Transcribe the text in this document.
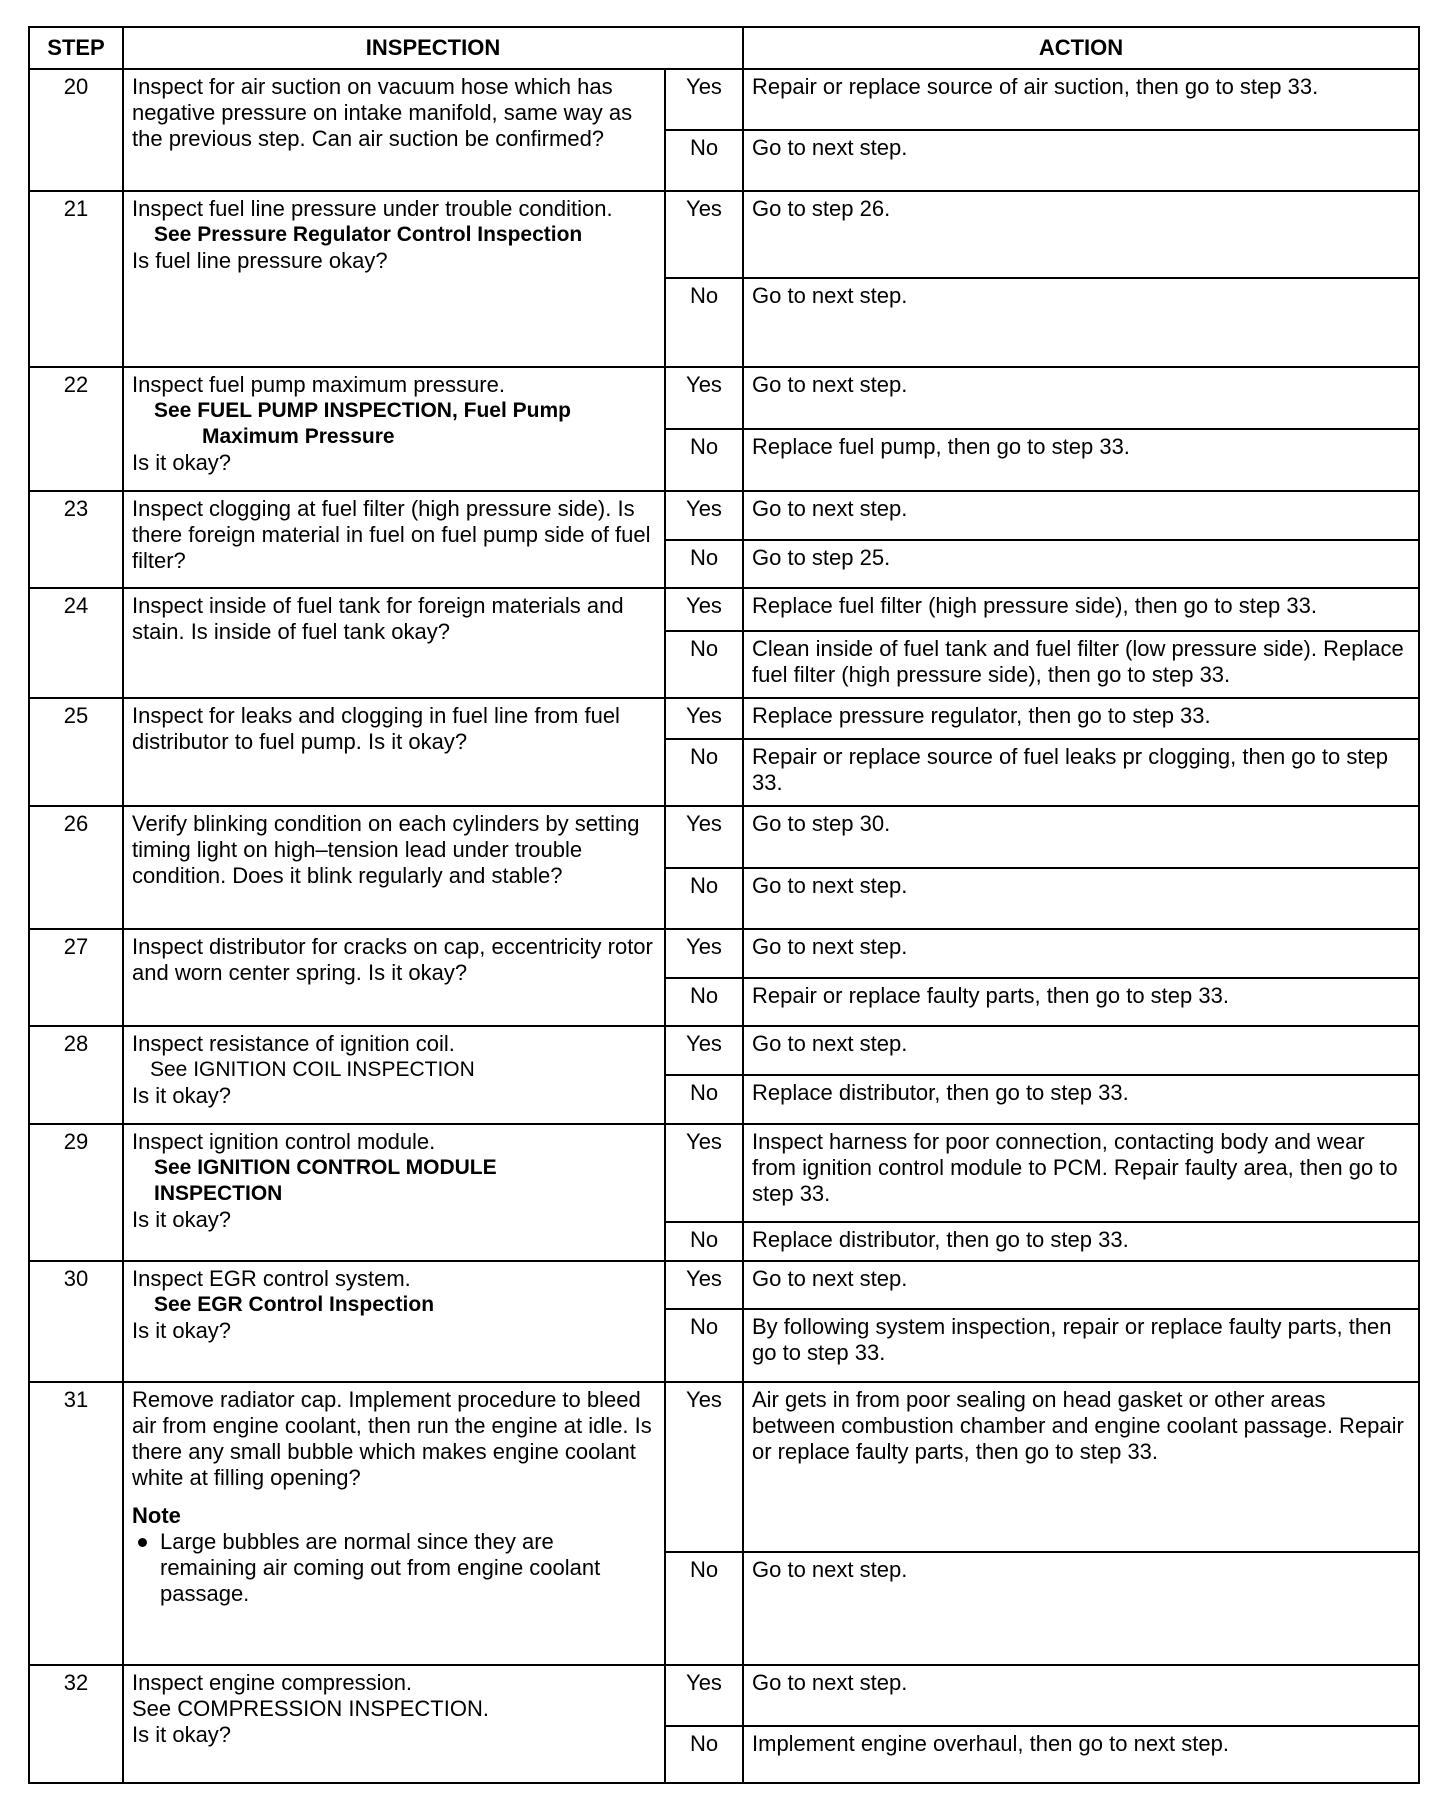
STEP	INSPECTION		ACTION
20	Inspect for air suction on vacuum hose which has negative pressure on intake manifold, same way as the previous step. Can air suction be confirmed?	Yes	Repair or replace source of air suction, then go to step 33.
		No	Go to next step.
21	Inspect fuel line pressure under trouble condition.
See Pressure Regulator Control Inspection
Is fuel line pressure okay?	Yes	Go to step 26.
		No	Go to next step.
22	Inspect fuel pump maximum pressure.
See FUEL PUMP INSPECTION, Fuel Pump
Maximum Pressure
Is it okay?	Yes	Go to next step.
		No	Replace fuel pump, then go to step 33.
23	Inspect clogging at fuel filter (high pressure side). Is there foreign material in fuel on fuel pump side of fuel filter?	Yes	Go to next step.
		No	Go to step 25.
24	Inspect inside of fuel tank for foreign materials and stain. Is inside of fuel tank okay?	Yes	Replace fuel filter (high pressure side), then go to step 33.
		No	Clean inside of fuel tank and fuel filter (low pressure side). Replace fuel filter (high pressure side), then go to step 33.
25	Inspect for leaks and clogging in fuel line from fuel distributor to fuel pump. Is it okay?	Yes	Replace pressure regulator, then go to step 33.
		No	Repair or replace source of fuel leaks pr clogging, then go to step 33.
26	Verify blinking condition on each cylinders by setting timing light on high–tension lead under trouble condition. Does it blink regularly and stable?	Yes	Go to step 30.
		No	Go to next step.
27	Inspect distributor for cracks on cap, eccentricity rotor and worn center spring. Is it okay?	Yes	Go to next step.
		No	Repair or replace faulty parts, then go to step 33.
28	Inspect resistance of ignition coil.
See IGNITION COIL INSPECTION
Is it okay?	Yes	Go to next step.
		No	Replace distributor, then go to step 33.
29	Inspect ignition control module.
See IGNITION CONTROL MODULE
INSPECTION
Is it okay?	Yes	Inspect harness for poor connection, contacting body and wear from ignition control module to PCM. Repair faulty area, then go to step 33.
		No	Replace distributor, then go to step 33.
30	Inspect EGR control system.
See EGR Control Inspection
Is it okay?	Yes	Go to next step.
		No	By following system inspection, repair or replace faulty parts, then go to step 33.
31	Remove radiator cap. Implement procedure to bleed air from engine coolant, then run the engine at idle. Is there any small bubble which makes engine coolant white at filling opening?
Note
Large bubbles are normal since they are remaining air coming out from engine coolant passage.	Yes	Air gets in from poor sealing on head gasket or other areas between combustion chamber and engine coolant passage. Repair or replace faulty parts, then go to step 33.
		No	Go to next step.
32	Inspect engine compression.
See COMPRESSION INSPECTION.
Is it okay?	Yes	Go to next step.
		No	Implement engine overhaul, then go to next step.
